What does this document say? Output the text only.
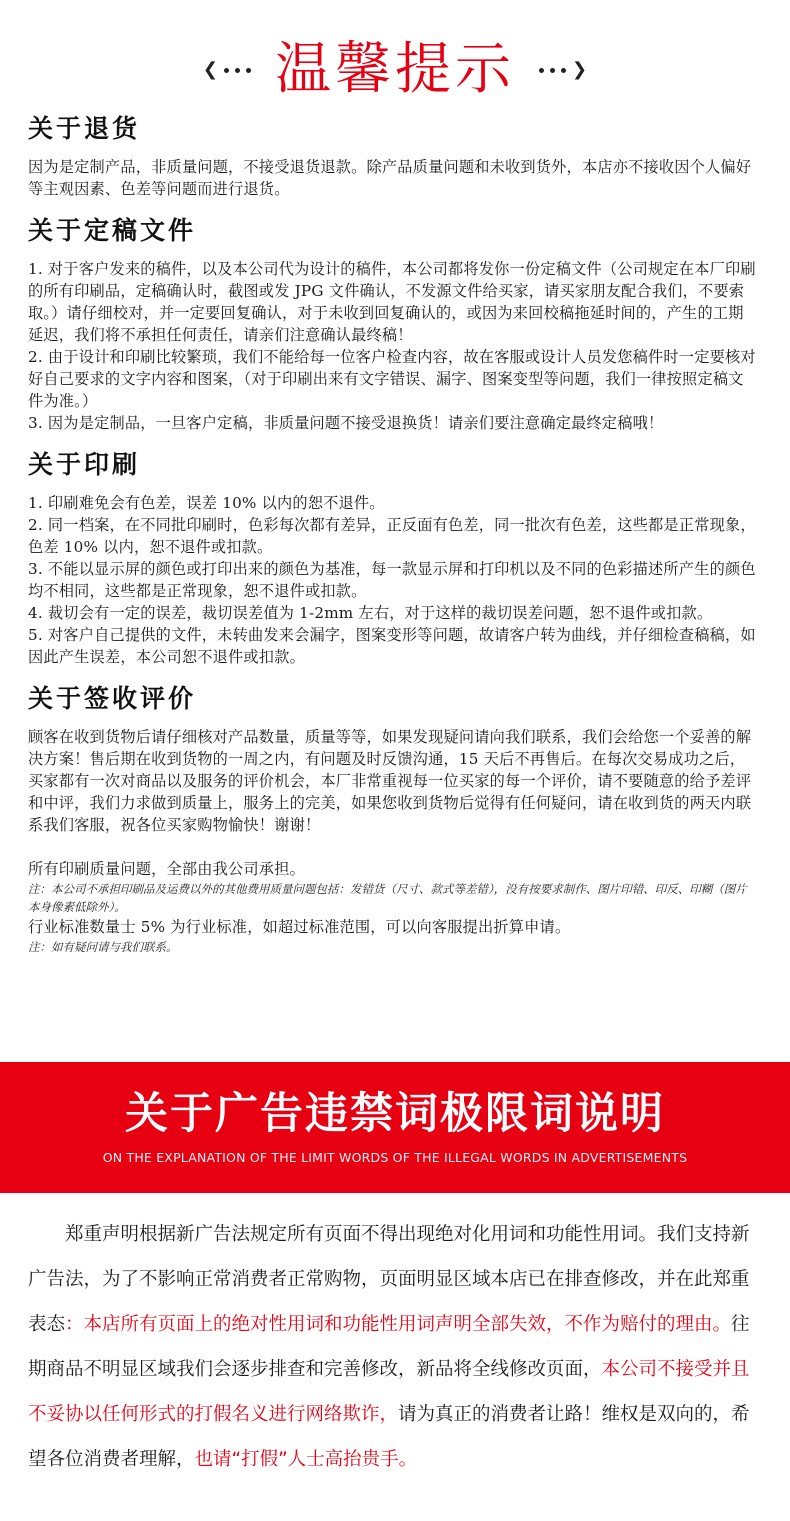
❮ 温馨提示	❯
关于退货

因为是定制产品，非质量问题，不接受退货退款。除产品质量问题和未收到货外，本店亦不接收因个人偏好等主观因素、色差等问题而进行退货。

关于定稿文件

1. 对于客户发来的稿件，以及本公司代为设计的稿件，本公司都将发你一份定稿文件（公司规定在本厂印刷的所有印刷品，定稿确认时，截图或发 JPG 文件确认，不发源文件给买家，请买家朋友配合我们，不要索取。）请仔细校对，并一定要回复确认，对于未收到回复确认的，或因为来回校稿拖延时间的，产生的工期延迟，我们将不承担任何责任，请亲们注意确认最终稿！

2. 由于设计和印刷比较繁琐，我们不能给每一位客户检查内容，故在客服或设计人员发您稿件时一定要核对好自己要求的文字内容和图案，（对于印刷出来有文字错误、漏字、图案变型等问题，我们一律按照定稿文件为准。）

3. 因为是定制品，一旦客户定稿，非质量问题不接受退换货！请亲们要注意确定最终定稿哦！

关于印刷

1. 印刷难免会有色差，误差 10% 以内的恕不退件。

2. 同一档案，在不同批印刷时，色彩每次都有差异，正反面有色差，同一批次有色差，这些都是正常现象，色差 10% 以内，恕不退件或扣款。

3. 不能以显示屏的颜色或打印出来的颜色为基准，每一款显示屏和打印机以及不同的色彩描述所产生的颜色均不相同，这些都是正常现象，恕不退件或扣款。

4. 裁切会有一定的误差，裁切误差值为 1-2mm 左右，对于这样的裁切误差问题，恕不退件或扣款。

5. 对客户自己提供的文件，未转曲发来会漏字，图案变形等问题，故请客户转为曲线，并仔细检查稿稿，如因此产生误差，本公司恕不退件或扣款。

关于签收评价

顾客在收到货物后请仔细核对产品数量，质量等等，如果发现疑问请向我们联系，我们会给您一个妥善的解决方案！售后期在收到货物的一周之内，有问题及时反馈沟通，15 天后不再售后。在每次交易成功之后，买家都有一次对商品以及服务的评价机会，本厂非常重视每一位买家的每一个评价，请不要随意的给予差评和中评，我们力求做到质量上，服务上的完美，如果您收到货物后觉得有任何疑问，请在收到货的两天内联系我们客服，祝各位买家购物愉快！谢谢！

所有印刷质量问题，全部由我公司承担。

注：本公司不承担印刷品及运费以外的其他费用质量问题包括：发错货（尺寸、款式等差错），没有按要求制作、图片印错、印反、印糊（图片本身像素低除外）。

行业标准数量士 5% 为行业标准，如超过标准范围，可以向客服提出折算申请。

注：如有疑问请与我们联系。

关于广告违禁词极限词说明
ON THE EXPLANATION OF THE LIMIT WORDS OF THE ILLEGAL WORDS IN ADVERTISEMENTS

郑重声明根据新广告法规定所有页面不得出现绝对化用词和功能性用词。我们支持新广告法，为了不影响正常消费者正常购物，页面明显区域本店已在排查修改，并在此郑重表态：本店所有页面上的绝对性用词和功能性用词声明全部失效，不作为赔付的理由。往期商品不明显区域我们会逐步排查和完善修改，新品将全线修改页面，本公司不接受并且不妥协以任何形式的打假名义进行网络欺诈，请为真正的消费者让路！维权是双向的，希望各位消费者理解，也请“打假”人士高抬贵手。
